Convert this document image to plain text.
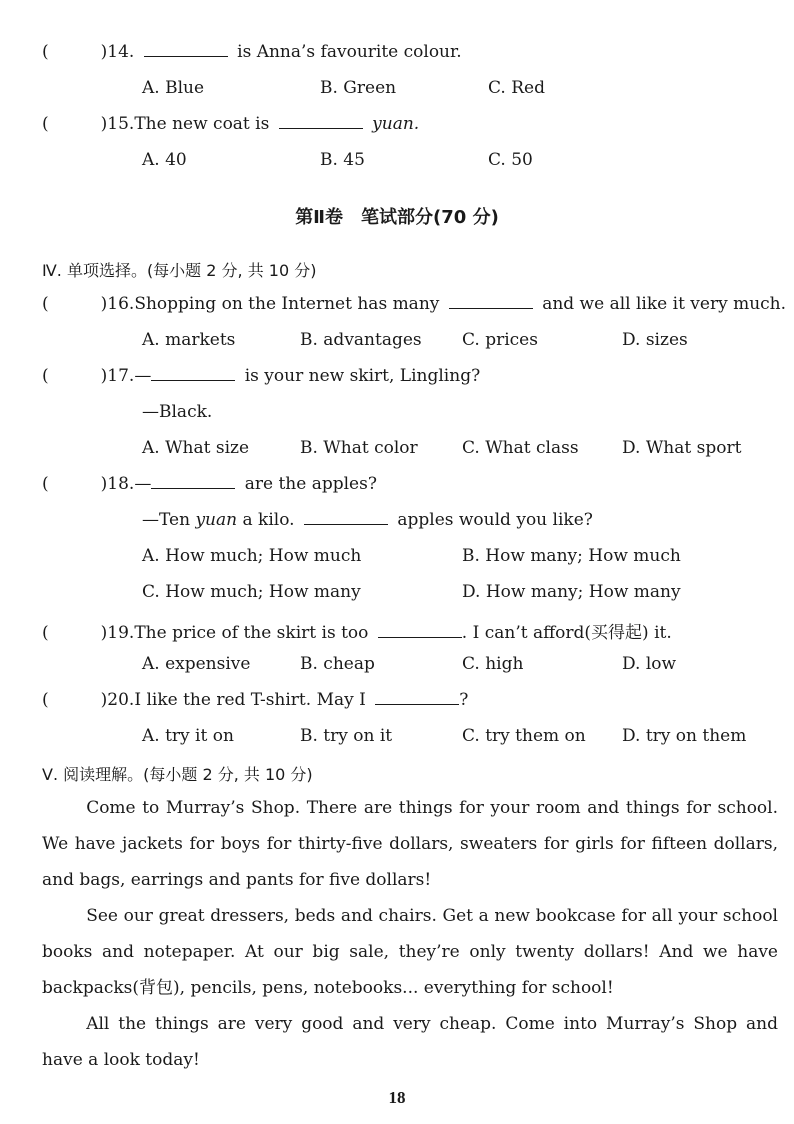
(	)14.	is Anna’s favourite colour.
A. Blue	B. Green	C. Red
(	)15.The new coat is	yuan.
A. 40	B. 45	C. 50
第Ⅱ卷　笔试部分(70 分)
Ⅳ. 单项选择。(每小题 2 分, 共 10 分)
(	)16.Shopping on the Internet has many	and we all like it very much.
A. markets	B. advantages C. prices	D. sizes
(	)17.—	is your new skirt, Lingling?
—Black.
A. What size	B. What color	C. What class	D. What sport
(	)18.—	are the apples?
—Ten yuan a kilo.	apples would you like?
A. How much; How much	B. How many; How much
C. How much; How many	D. How many; How many
(	)19.The price of the skirt is too	. I can’t afford(买得起) it.
A. expensive	B. cheap	C. high	D. low
(	)20.I like the red T-shirt. May I	?
A. try it on	B. try on it	C. try them on D. try on them
Ⅴ. 阅读理解。(每小题 2 分, 共 10 分)

Come to Murray’s Shop. There are things for your room and things for school. We have jackets for boys for thirty-five dollars, sweaters for girls for fifteen dollars, and bags, earrings and pants for five dollars!

See our great dressers, beds and chairs. Get a new bookcase for all your school books and notepaper. At our big sale, they’re only twenty dollars! And we have backpacks(背包), pencils, pens, notebooks... everything for school!

All the things are very good and very cheap. Come into Murray’s Shop and have a look today!

18
